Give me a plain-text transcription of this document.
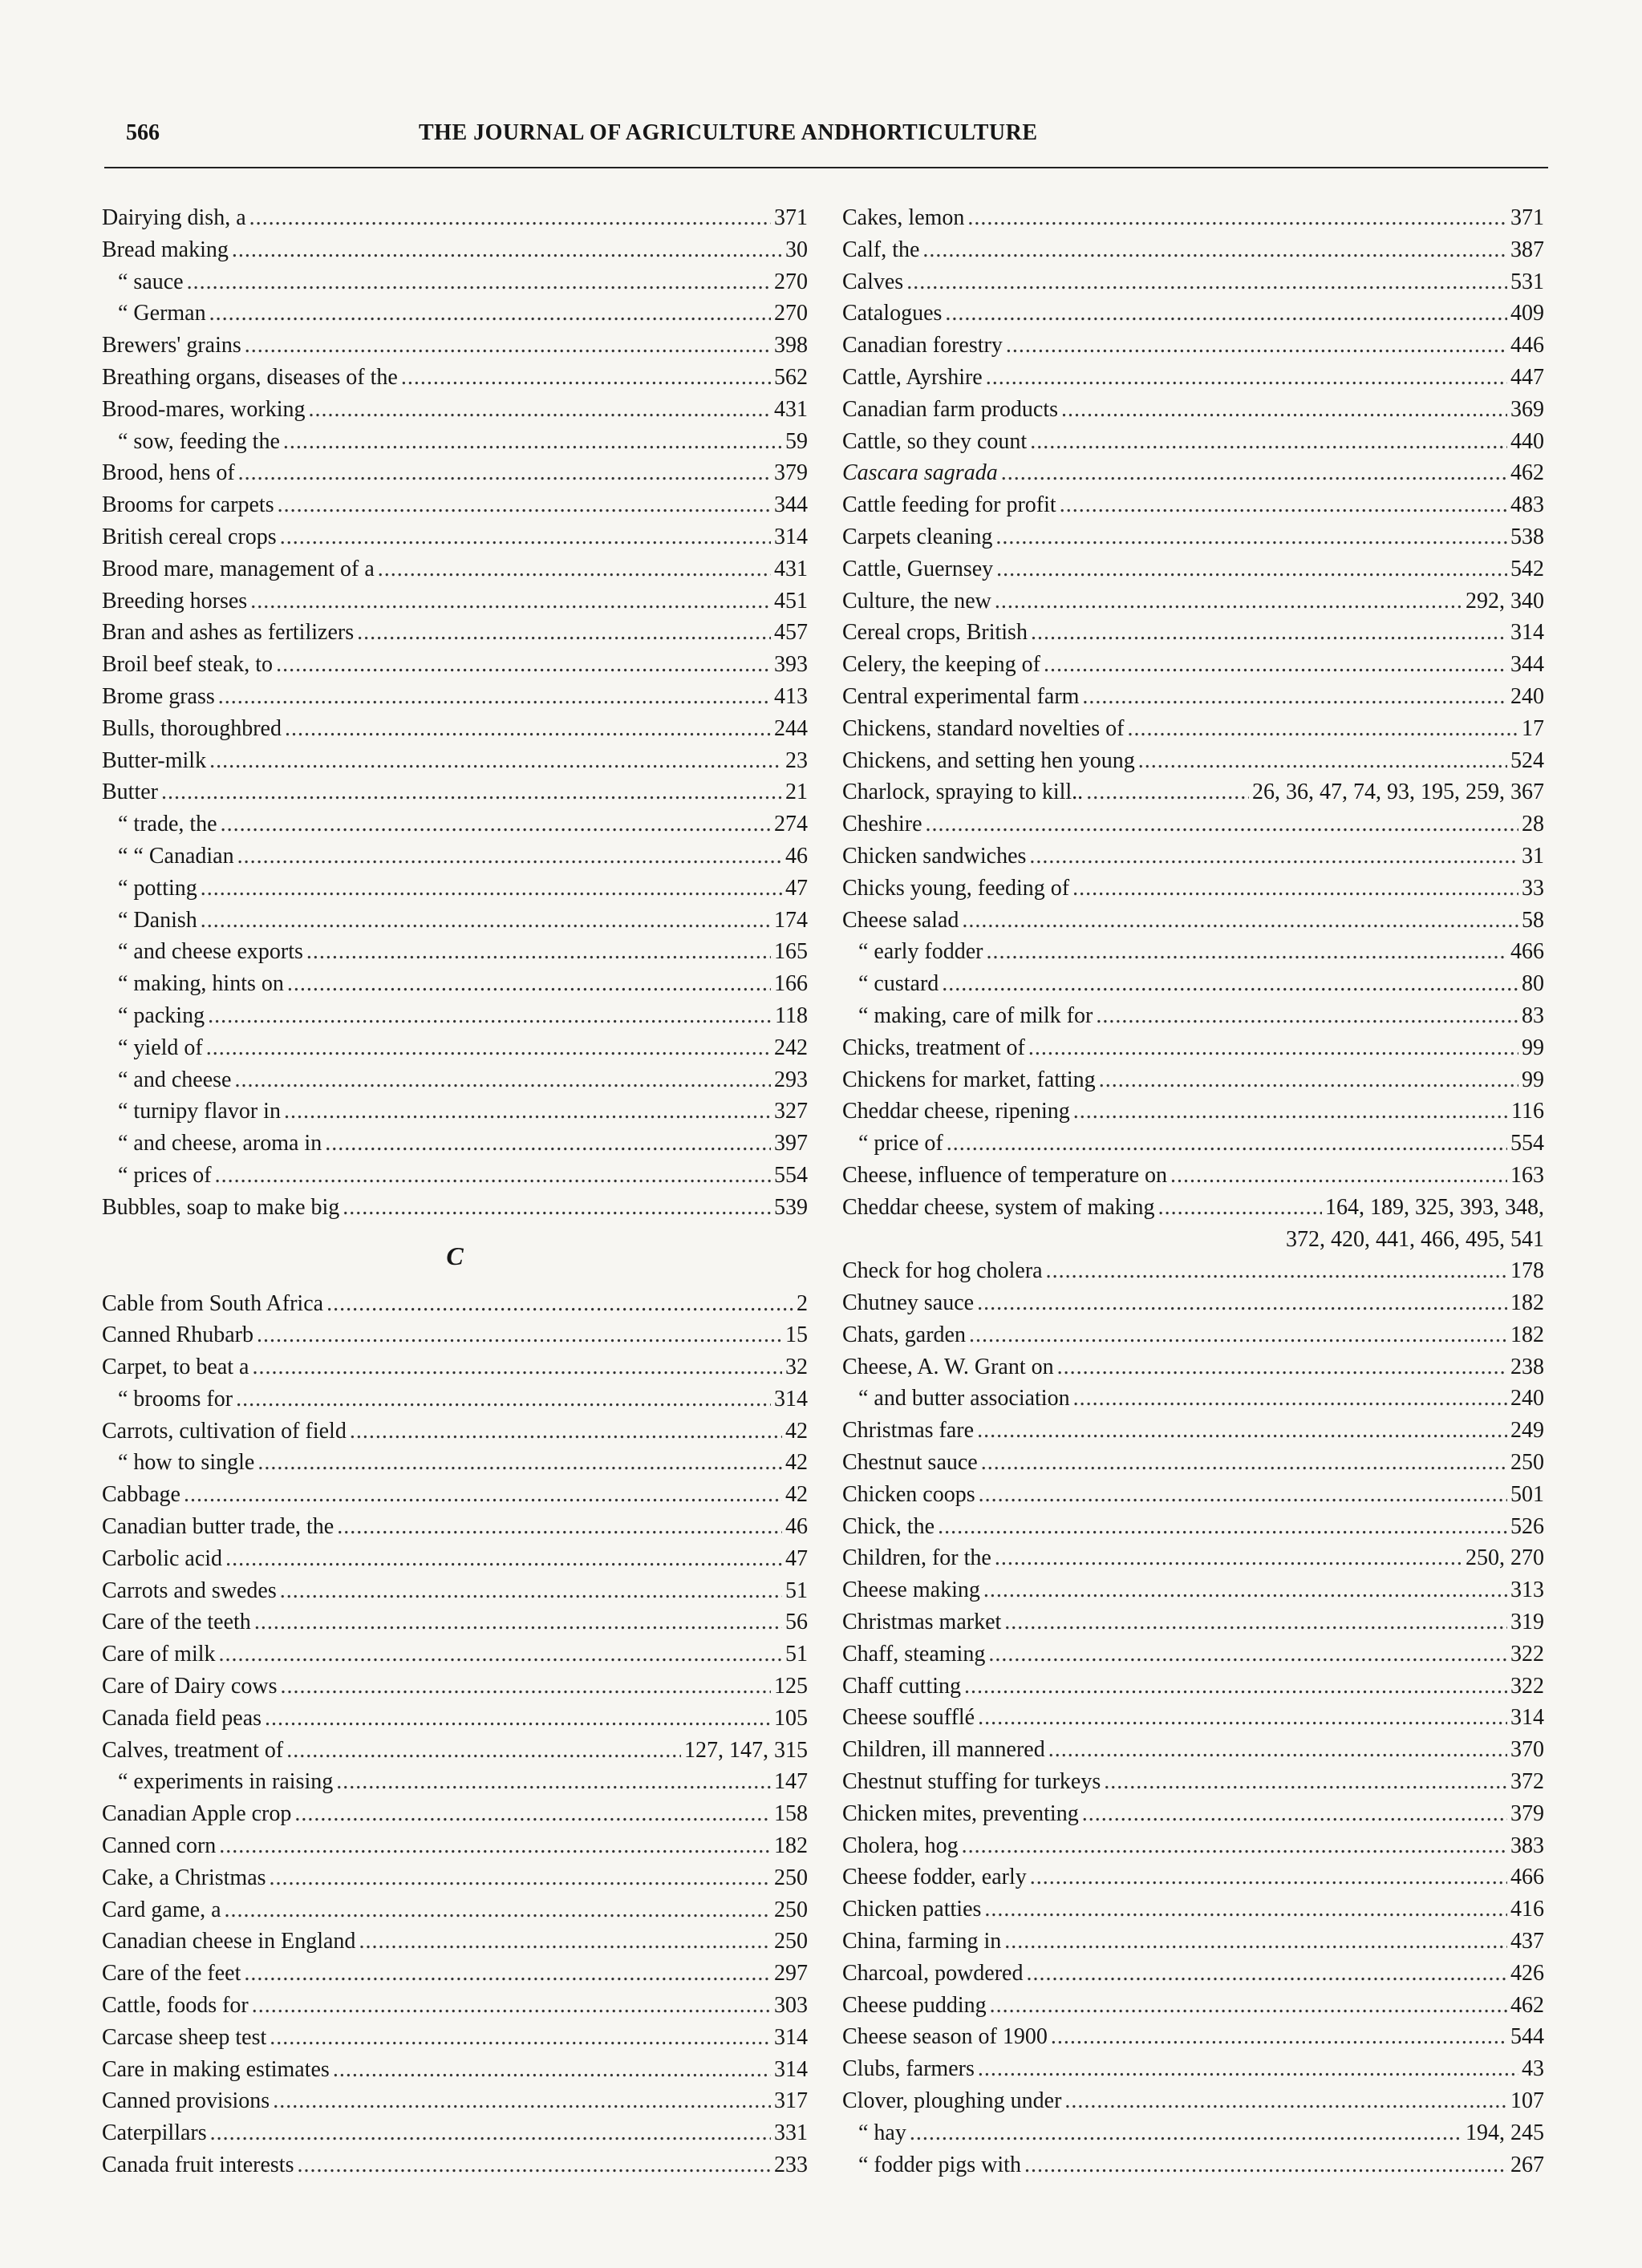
566	THE JOURNAL OF AGRICULTURE ANDHORTICULTURE
Dairying dish, a . . .	371
Bread making . . .	30
“ sauce . . .	270
“ German . . .	270
Brewers' grains . . .	398
Breathing organs, diseases of the . . .	562
Brood-mares, working . . .	431
“ sow, feeding the . . .	59
Brood, hens of . . .	379
Brooms for carpets . . .	344
British cereal crops . . .	314
Brood mare, management of a . . .	431
Breeding horses . . .	451
Bran and ashes as fertilizers . . .	457
Broil beef steak, to . . .	393
Brome grass . . .	413
Bulls, thoroughbred . . .	244
Butter-milk . . .	23
Butter . . .	21
“ trade, the . . .	274
“ “ Canadian . . .	46
“ potting . . .	47
“ Danish . . .	174
“ and cheese exports . . .	165
“ making, hints on . . .	166
“ packing . . .	118
“ yield of . . .	242
“ and cheese . . .	293
“ turnipy flavor in . . .	327
“ and cheese, aroma in . . .	397
“ prices of . . .	554
Bubbles, soap to make big . . .	539
C
Cable from South Africa . . .	2
Canned Rhubarb . . .	15
Carpet, to beat a . . .	32
“ brooms for . . .	314
Carrots, cultivation of field . . .	42
“ how to single . . .	42
Cabbage . . .	42
Canadian butter trade, the . . .	46
Carbolic acid . . .	47
Carrots and swedes . . .	51
Care of the teeth . . .	56
Care of milk . . .	51
Care of Dairy cows . . .	125
Canada field peas . . .	105
Calves, treatment of . . .	127, 147, 315
“ experiments in raising . . .	147
Canadian Apple crop . . .	158
Canned corn . . .	182
Cake, a Christmas . . .	250
Card game, a . . .	250
Canadian cheese in England . . .	250
Care of the feet . . .	297
Cattle, foods for . . .	303
Carcase sheep test . . .	314
Care in making estimates . . .	314
Canned provisions . . .	317
Caterpillars . . .	331
Canada fruit interests . . .	233
Cakes, lemon . . .	371
Calf, the . . .	387
Calves . . .	531
Catalogues . . .	409
Canadian forestry . . .	446
Cattle, Ayrshire . . .	447
Canadian farm products . . .	369
Cattle, so they count . . .	440
Cascara sagrada . . .	462
Cattle feeding for profit . . .	483
Carpets cleaning . . .	538
Cattle, Guernsey . . .	542
Culture, the new . . .	292, 340
Cereal crops, British . . .	314
Celery, the keeping of . . .	344
Central experimental farm . . .	240
Chickens, standard novelties of . . .	17
Chickens, and setting hen young . . .	524
Charlock, spraying to kill.. . . .	26, 36, 47, 74, 93, 195, 259, 367
Cheshire . . .	28
Chicken sandwiches . . .	31
Chicks young, feeding of . . .	33
Cheese salad . . .	58
“ early fodder . . .	466
“ custard . . .	80
“ making, care of milk for . . .	83
Chicks, treatment of . . .	99
Chickens for market, fatting . . .	99
Cheddar cheese, ripening . . .	116
“ price of . . .	554
Cheese, influence of temperature on . . .	163
Cheddar cheese, system of making . . .	164, 189, 325, 393, 348,
372, 420, 441, 466, 495, 541
Check for hog cholera . . .	178
Chutney sauce . . .	182
Chats, garden . . .	182
Cheese, A. W. Grant on . . .	238
“ and butter association . . .	240
Christmas fare . . .	249
Chestnut sauce . . .	250
Chicken coops . . .	501
Chick, the . . .	526
Children, for the . . .	250, 270
Cheese making . . .	313
Christmas market . . .	319
Chaff, steaming . . .	322
Chaff cutting . . .	322
Cheese soufflé . . .	314
Children, ill mannered . . .	370
Chestnut stuffing for turkeys . . .	372
Chicken mites, preventing . . .	379
Cholera, hog . . .	383
Cheese fodder, early . . .	466
Chicken patties . . .	416
China, farming in . . .	437
Charcoal, powdered . . .	426
Cheese pudding . . .	462
Cheese season of 1900 . . .	544
Clubs, farmers . . .	43
Clover, ploughing under . . .	107
“ hay . . .	194, 245
“ fodder pigs with . . .	267
